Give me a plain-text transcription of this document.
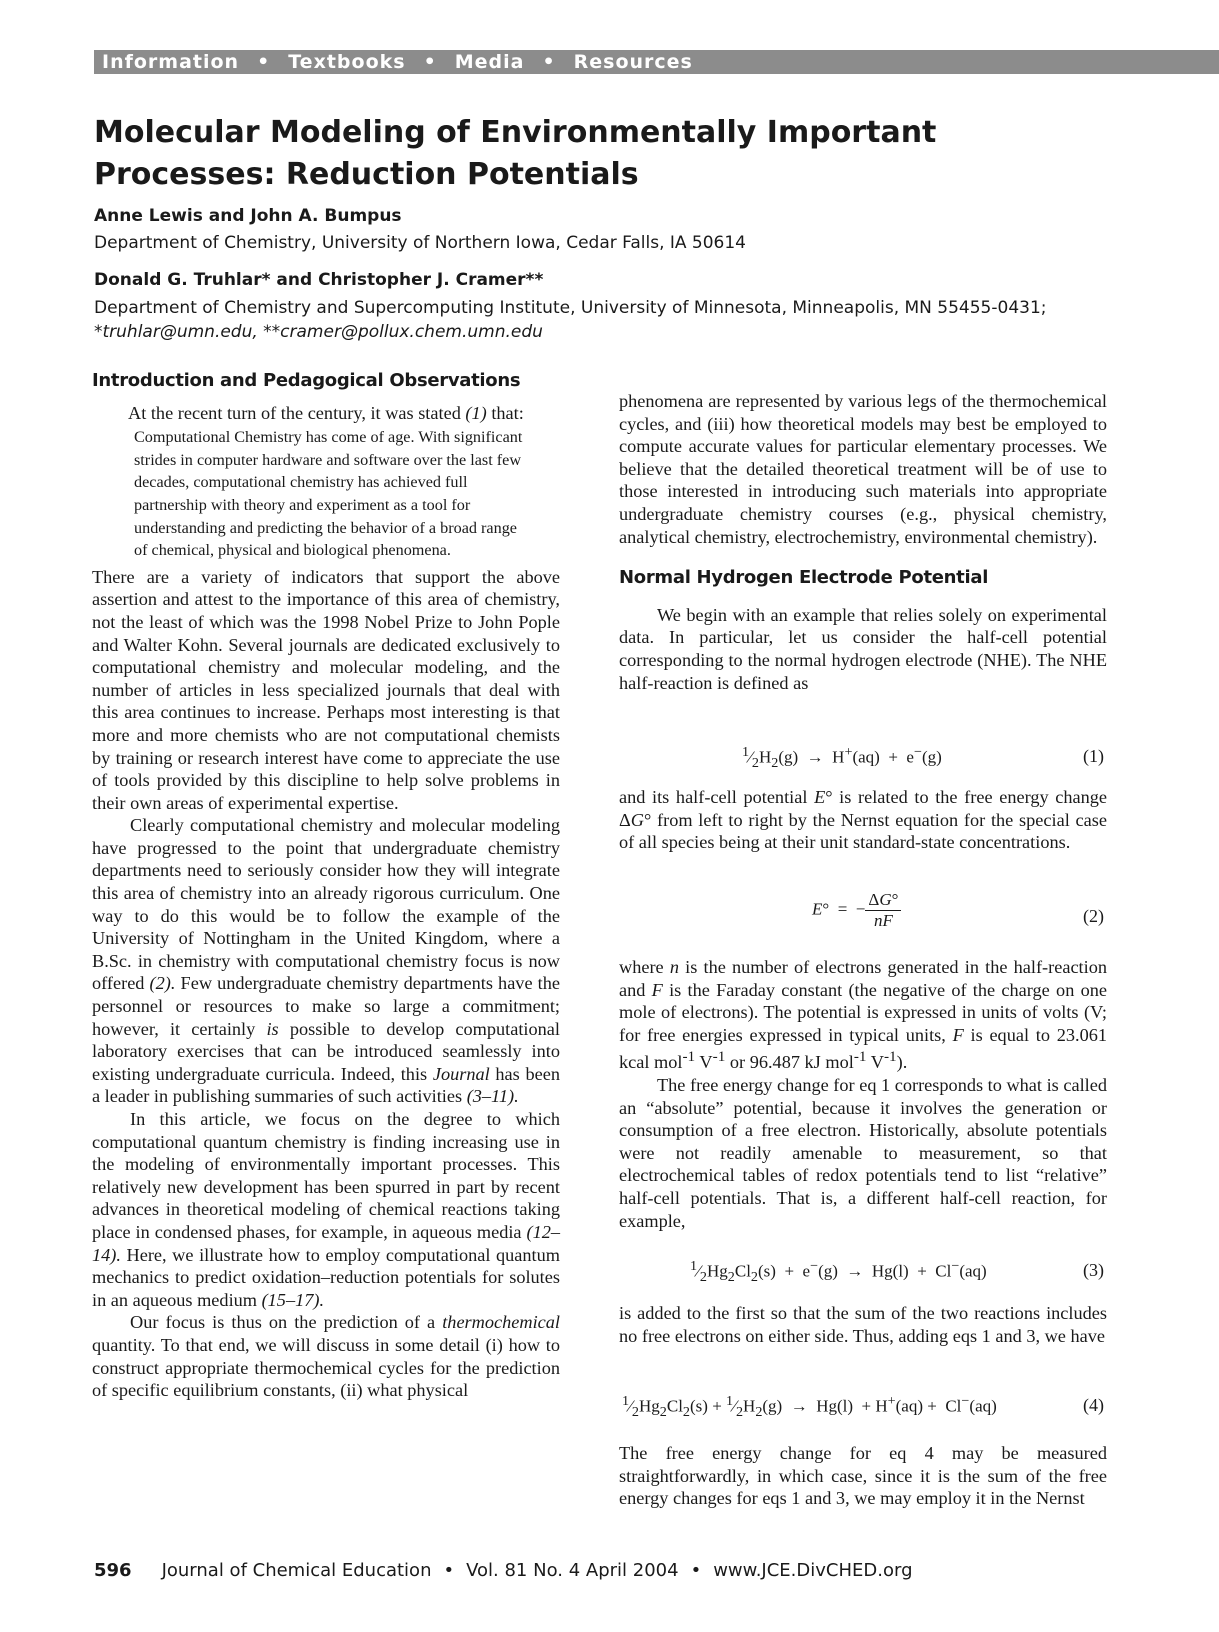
Information • Textbooks • Media • Resources
Molecular Modeling of Environmentally Important
Processes: Reduction Potentials
Anne Lewis and John A. Bumpus
Department of Chemistry, University of Northern Iowa, Cedar Falls, IA 50614
Donald G. Truhlar* and Christopher J. Cramer**
Department of Chemistry and Supercomputing Institute, University of Minnesota, Minneapolis, MN 55455-0431;
*truhlar@umn.edu, **cramer@pollux.chem.umn.edu
Introduction and Pedagogical Observations

At the recent turn of the century, it was stated (1) that:

Computational Chemistry has come of age. With significant strides in computer hardware and software over the last few decades, computational chemistry has achieved full partnership with theory and experiment as a tool for understanding and predicting the behavior of a broad range of chemical, physical and biological phenomena.

There are a variety of indicators that support the above assertion and attest to the importance of this area of chemistry, not the least of which was the 1998 Nobel Prize to John Pople and Walter Kohn. Several journals are dedicated exclusively to computational chemistry and molecular modeling, and the number of articles in less specialized journals that deal with this area continues to increase. Perhaps most interesting is that more and more chemists who are not computational chemists by training or research interest have come to appreciate the use of tools provided by this discipline to help solve problems in their own areas of experimental expertise.

Clearly computational chemistry and molecular modeling have progressed to the point that undergraduate chemistry departments need to seriously consider how they will integrate this area of chemistry into an already rigorous curriculum. One way to do this would be to follow the example of the University of Nottingham in the United Kingdom, where a B.Sc. in chemistry with computational chemistry focus is now offered (2). Few undergraduate chemistry departments have the personnel or resources to make so large a commitment; however, it certainly is possible to develop computational laboratory exercises that can be introduced seamlessly into existing undergraduate curricula. Indeed, this Journal has been a leader in publishing summaries of such activities (3–11).

In this article, we focus on the degree to which computational quantum chemistry is finding increasing use in the modeling of environmentally important processes. This relatively new development has been spurred in part by recent advances in theoretical modeling of chemical reactions taking place in condensed phases, for example, in aqueous media (12–14). Here, we illustrate how to employ computational quantum mechanics to predict oxidation–reduction potentials for solutes in an aqueous medium (15–17).

Our focus is thus on the prediction of a thermochemical quantity. To that end, we will discuss in some detail (i) how to construct appropriate thermochemical cycles for the prediction of specific equilibrium constants, (ii) what physical

phenomena are represented by various legs of the thermochemical cycles, and (iii) how theoretical models may best be employed to compute accurate values for particular elementary processes. We believe that the detailed theoretical treatment will be of use to those interested in introducing such materials into appropriate undergraduate chemistry courses (e.g., physical chemistry, analytical chemistry, electrochemistry, environmental chemistry).

Normal Hydrogen Electrode Potential

We begin with an example that relies solely on experimental data. In particular, let us consider the half-cell potential corresponding to the normal hydrogen electrode (NHE). The NHE half-reaction is defined as

$^1⁄_2H_2(g) \to H^+(aq) + e^-(g)$	(1)

and its half-cell potential E° is related to the free energy change ΔG° from left to right by the Nernst equation for the special case of all species being at their unit standard-state concentrations.

E°  =  − $\frac{\Delta G^\circ}{nF}$	(2)

where n is the number of electrons generated in the half-reaction and F is the Faraday constant (the negative of the charge on one mole of electrons). The potential is expressed in units of volts (V; for free energies expressed in typical units, F is equal to 23.061 kcal mol$^{-1}$ $V^{-1}$ or 96.487 kJ mol$^{-1}$ $V^{-1}$).

The free energy change for eq 1 corresponds to what is called an “absolute” potential, because it involves the generation or consumption of a free electron. Historically, absolute potentials were not readily amenable to measurement, so that electrochemical tables of redox potentials tend to list “relative” half-cell potentials. That is, a different half-cell reaction, for example,

$^1⁄_2Hg_2Cl_2(s) + e^-(g) \to Hg(l) + Cl^-(aq)$	(3)

is added to the first so that the sum of the two reactions includes no free electrons on either side. Thus, adding eqs 1 and 3, we have

$^1⁄_2Hg_2Cl_2(s)$ + $^1⁄_2H_2(g) \to Hg(l) + H^+(aq) + Cl^-(aq)$	(4)

The free energy change for eq 4 may be measured straightforwardly, in which case, since it is the sum of the free energy changes for eqs 1 and 3, we may employ it in the Nernst

596 Journal of Chemical Education • Vol. 81 No. 4 April 2004 • www.JCE.DivCHED.org
